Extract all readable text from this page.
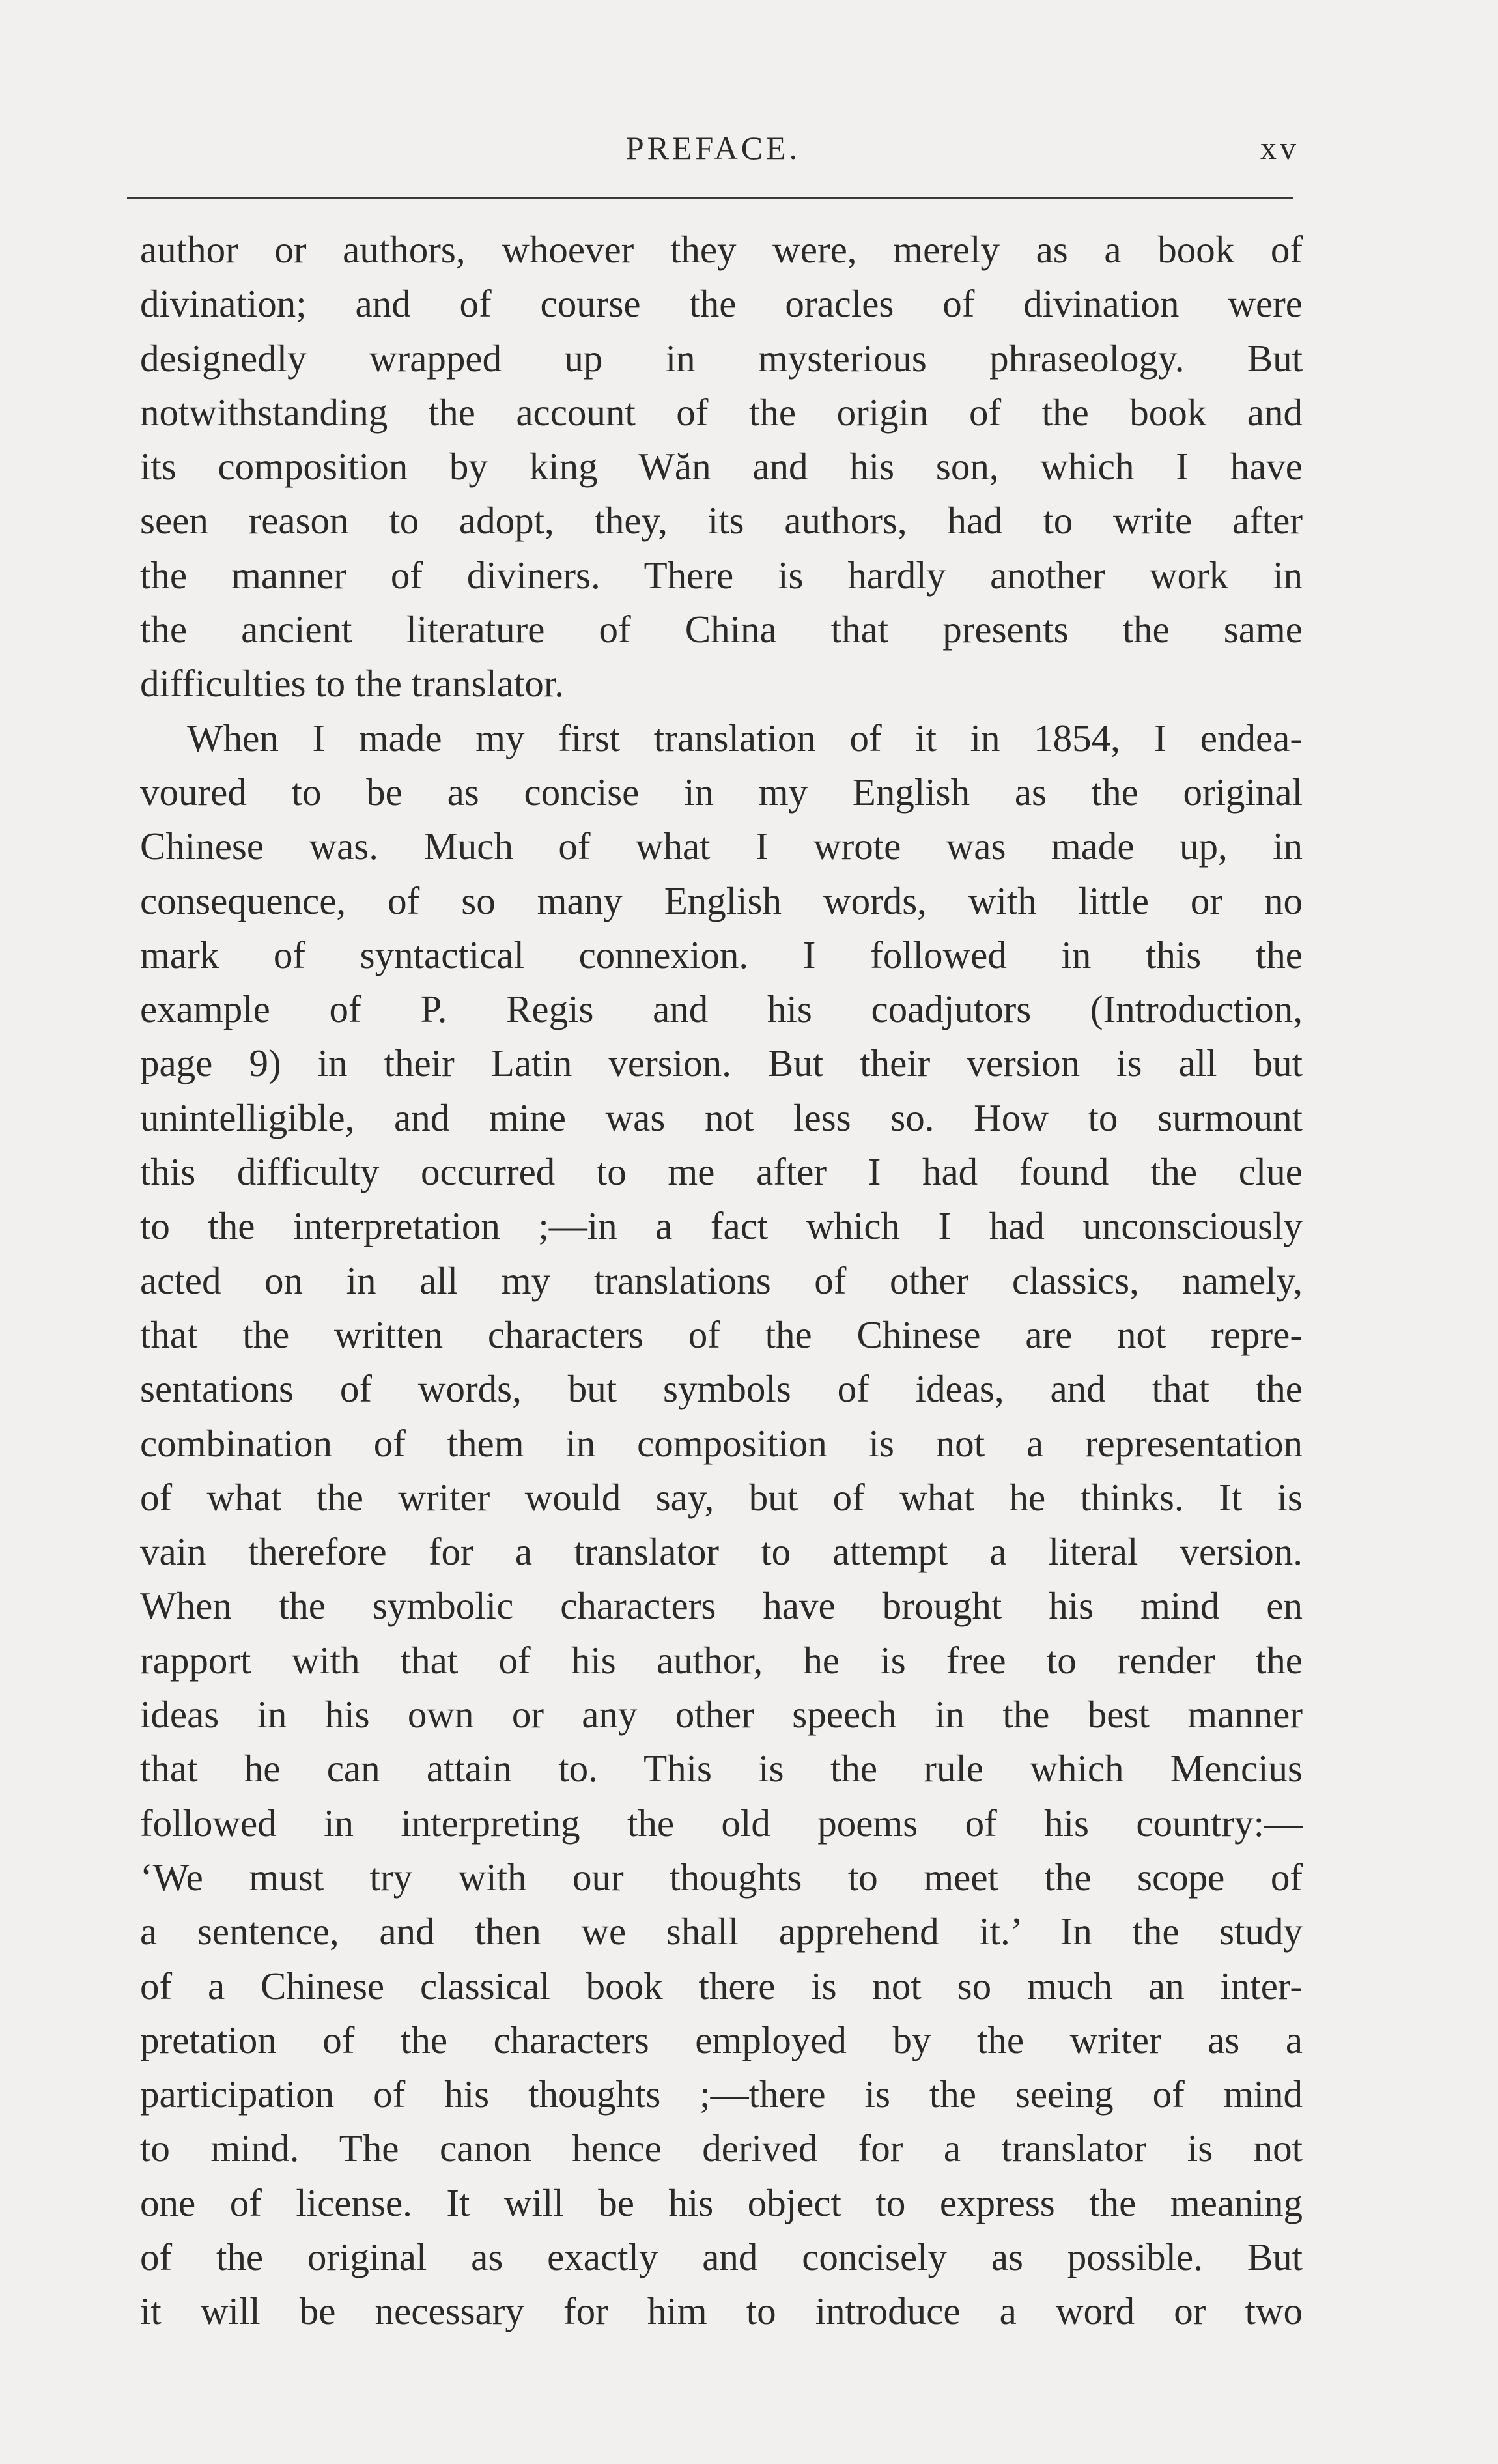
PREFACE.	xv
author or authors, whoever they were, merely as a book of
divination; and of course the oracles of divination were
designedly wrapped up in mysterious phraseology. But
notwithstanding the account of the origin of the book and
its composition by king Wăn and his son, which I have
seen reason to adopt, they, its authors, had to write after
the manner of diviners. There is hardly another work in
the ancient literature of China that presents the same
difficulties to the translator.
When I made my first translation of it in 1854, I endea-
voured to be as concise in my English as the original
Chinese was. Much of what I wrote was made up, in
consequence, of so many English words, with little or no
mark of syntactical connexion. I followed in this the
example of P. Regis and his coadjutors (Introduction,
page 9) in their Latin version. But their version is all but
unintelligible, and mine was not less so. How to surmount
this difficulty occurred to me after I had found the clue
to the interpretation ;—in a fact which I had unconsciously
acted on in all my translations of other classics, namely,
that the written characters of the Chinese are not repre-
sentations of words, but symbols of ideas, and that the
combination of them in composition is not a representation
of what the writer would say, but of what he thinks. It is
vain therefore for a translator to attempt a literal version.
When the symbolic characters have brought his mind en
rapport with that of his author, he is free to render the
ideas in his own or any other speech in the best manner
that he can attain to. This is the rule which Mencius
followed in interpreting the old poems of his country:—
‘We must try with our thoughts to meet the scope of
a sentence, and then we shall apprehend it.’ In the study
of a Chinese classical book there is not so much an inter-
pretation of the characters employed by the writer as a
participation of his thoughts ;—there is the seeing of mind
to mind. The canon hence derived for a translator is not
one of license. It will be his object to express the meaning
of the original as exactly and concisely as possible. But
it will be necessary for him to introduce a word or two
